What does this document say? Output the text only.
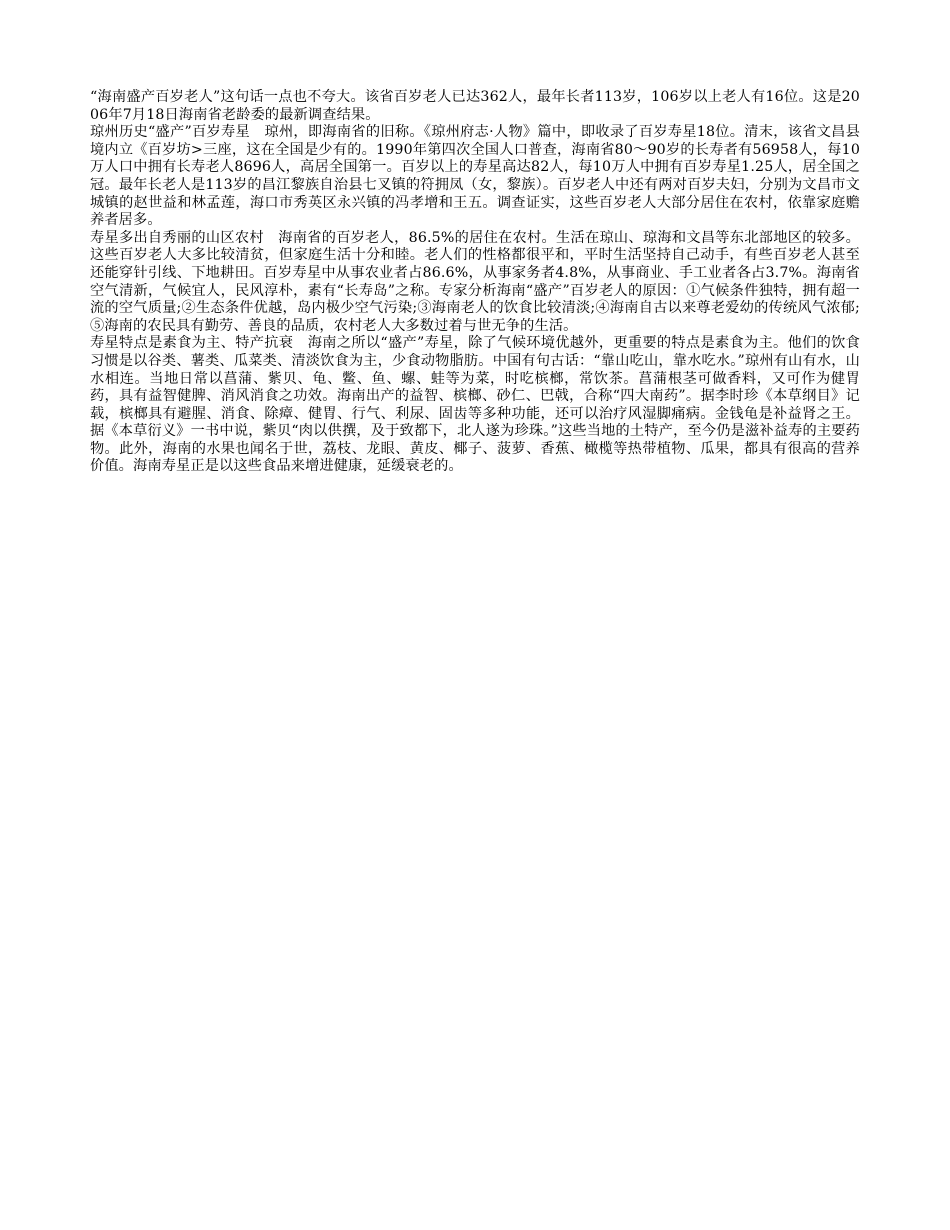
“海南盛产百岁老人”这句话一点也不夸大。该省百岁老人已达362人，最年长者113岁，106岁以上老人有16位。这是2006年7月18日海南省老龄委的最新调查结果。

琼州历史“盛产”百岁寿星　琼州，即海南省的旧称。《琼州府志·人物》篇中，即收录了百岁寿星18位。清末，该省文昌县境内立《百岁坊>三座，这在全国是少有的。1990年第四次全国人口普查，海南省80～90岁的长寿者有56958人，每10万人口中拥有长寿老人8696人，高居全国第一。百岁以上的寿星高达82人，每10万人中拥有百岁寿星1.25人，居全国之冠。最年长老人是113岁的昌江黎族自治县七叉镇的符拥凤（女，黎族）。百岁老人中还有两对百岁夫妇，分别为文昌市文城镇的赵世益和林孟莲，海口市秀英区永兴镇的冯孝增和王五。调查证实，这些百岁老人大部分居住在农村，依靠家庭赡养者居多。

寿星多出自秀丽的山区农村　海南省的百岁老人，86.5%的居住在农村。生活在琼山、琼海和文昌等东北部地区的较多。这些百岁老人大多比较清贫，但家庭生活十分和睦。老人们的性格都很平和，平时生活坚持自己动手，有些百岁老人甚至还能穿针引线、下地耕田。百岁寿星中从事农业者占86.6%，从事家务者4.8%，从事商业、手工业者各占3.7%。海南省空气清新，气候宜人，民风淳朴，素有“长寿岛”之称。专家分析海南“盛产”百岁老人的原因：①气候条件独特，拥有超一流的空气质量;②生态条件优越，岛内极少空气污染;③海南老人的饮食比较清淡;④海南自古以来尊老爱幼的传统风气浓郁;⑤海南的农民具有勤劳、善良的品质，农村老人大多数过着与世无争的生活。

寿星特点是素食为主、特产抗衰　海南之所以“盛产”寿星，除了气候环境优越外，更重要的特点是素食为主。他们的饮食习惯是以谷类、薯类、瓜菜类、清淡饮食为主，少食动物脂肪。中国有句古话：“靠山吃山，靠水吃水。”琼州有山有水，山水相连。当地日常以菖蒲、紫贝、龟、鳖、鱼、螺、蛙等为菜，时吃槟榔，常饮茶。菖蒲根茎可做香料，又可作为健胃药，具有益智健脾、消风消食之功效。海南出产的益智、槟榔、砂仁、巴戟，合称“四大南药”。据李时珍《本草纲目》记载，槟榔具有避腥、消食、除瘴、健胃、行气、利尿、固齿等多种功能，还可以治疗风湿脚痛病。金钱龟是补益肾之王。据《本草衍义》一书中说，紫贝“肉以供撰，及于致都下，北人遂为珍珠。”这些当地的土特产，至今仍是滋补益寿的主要药物。此外，海南的水果也闻名于世，荔枝、龙眼、黄皮、椰子、菠萝、香蕉、橄榄等热带植物、瓜果，都具有很高的营养价值。海南寿星正是以这些食品来增进健康，延缓衰老的。
